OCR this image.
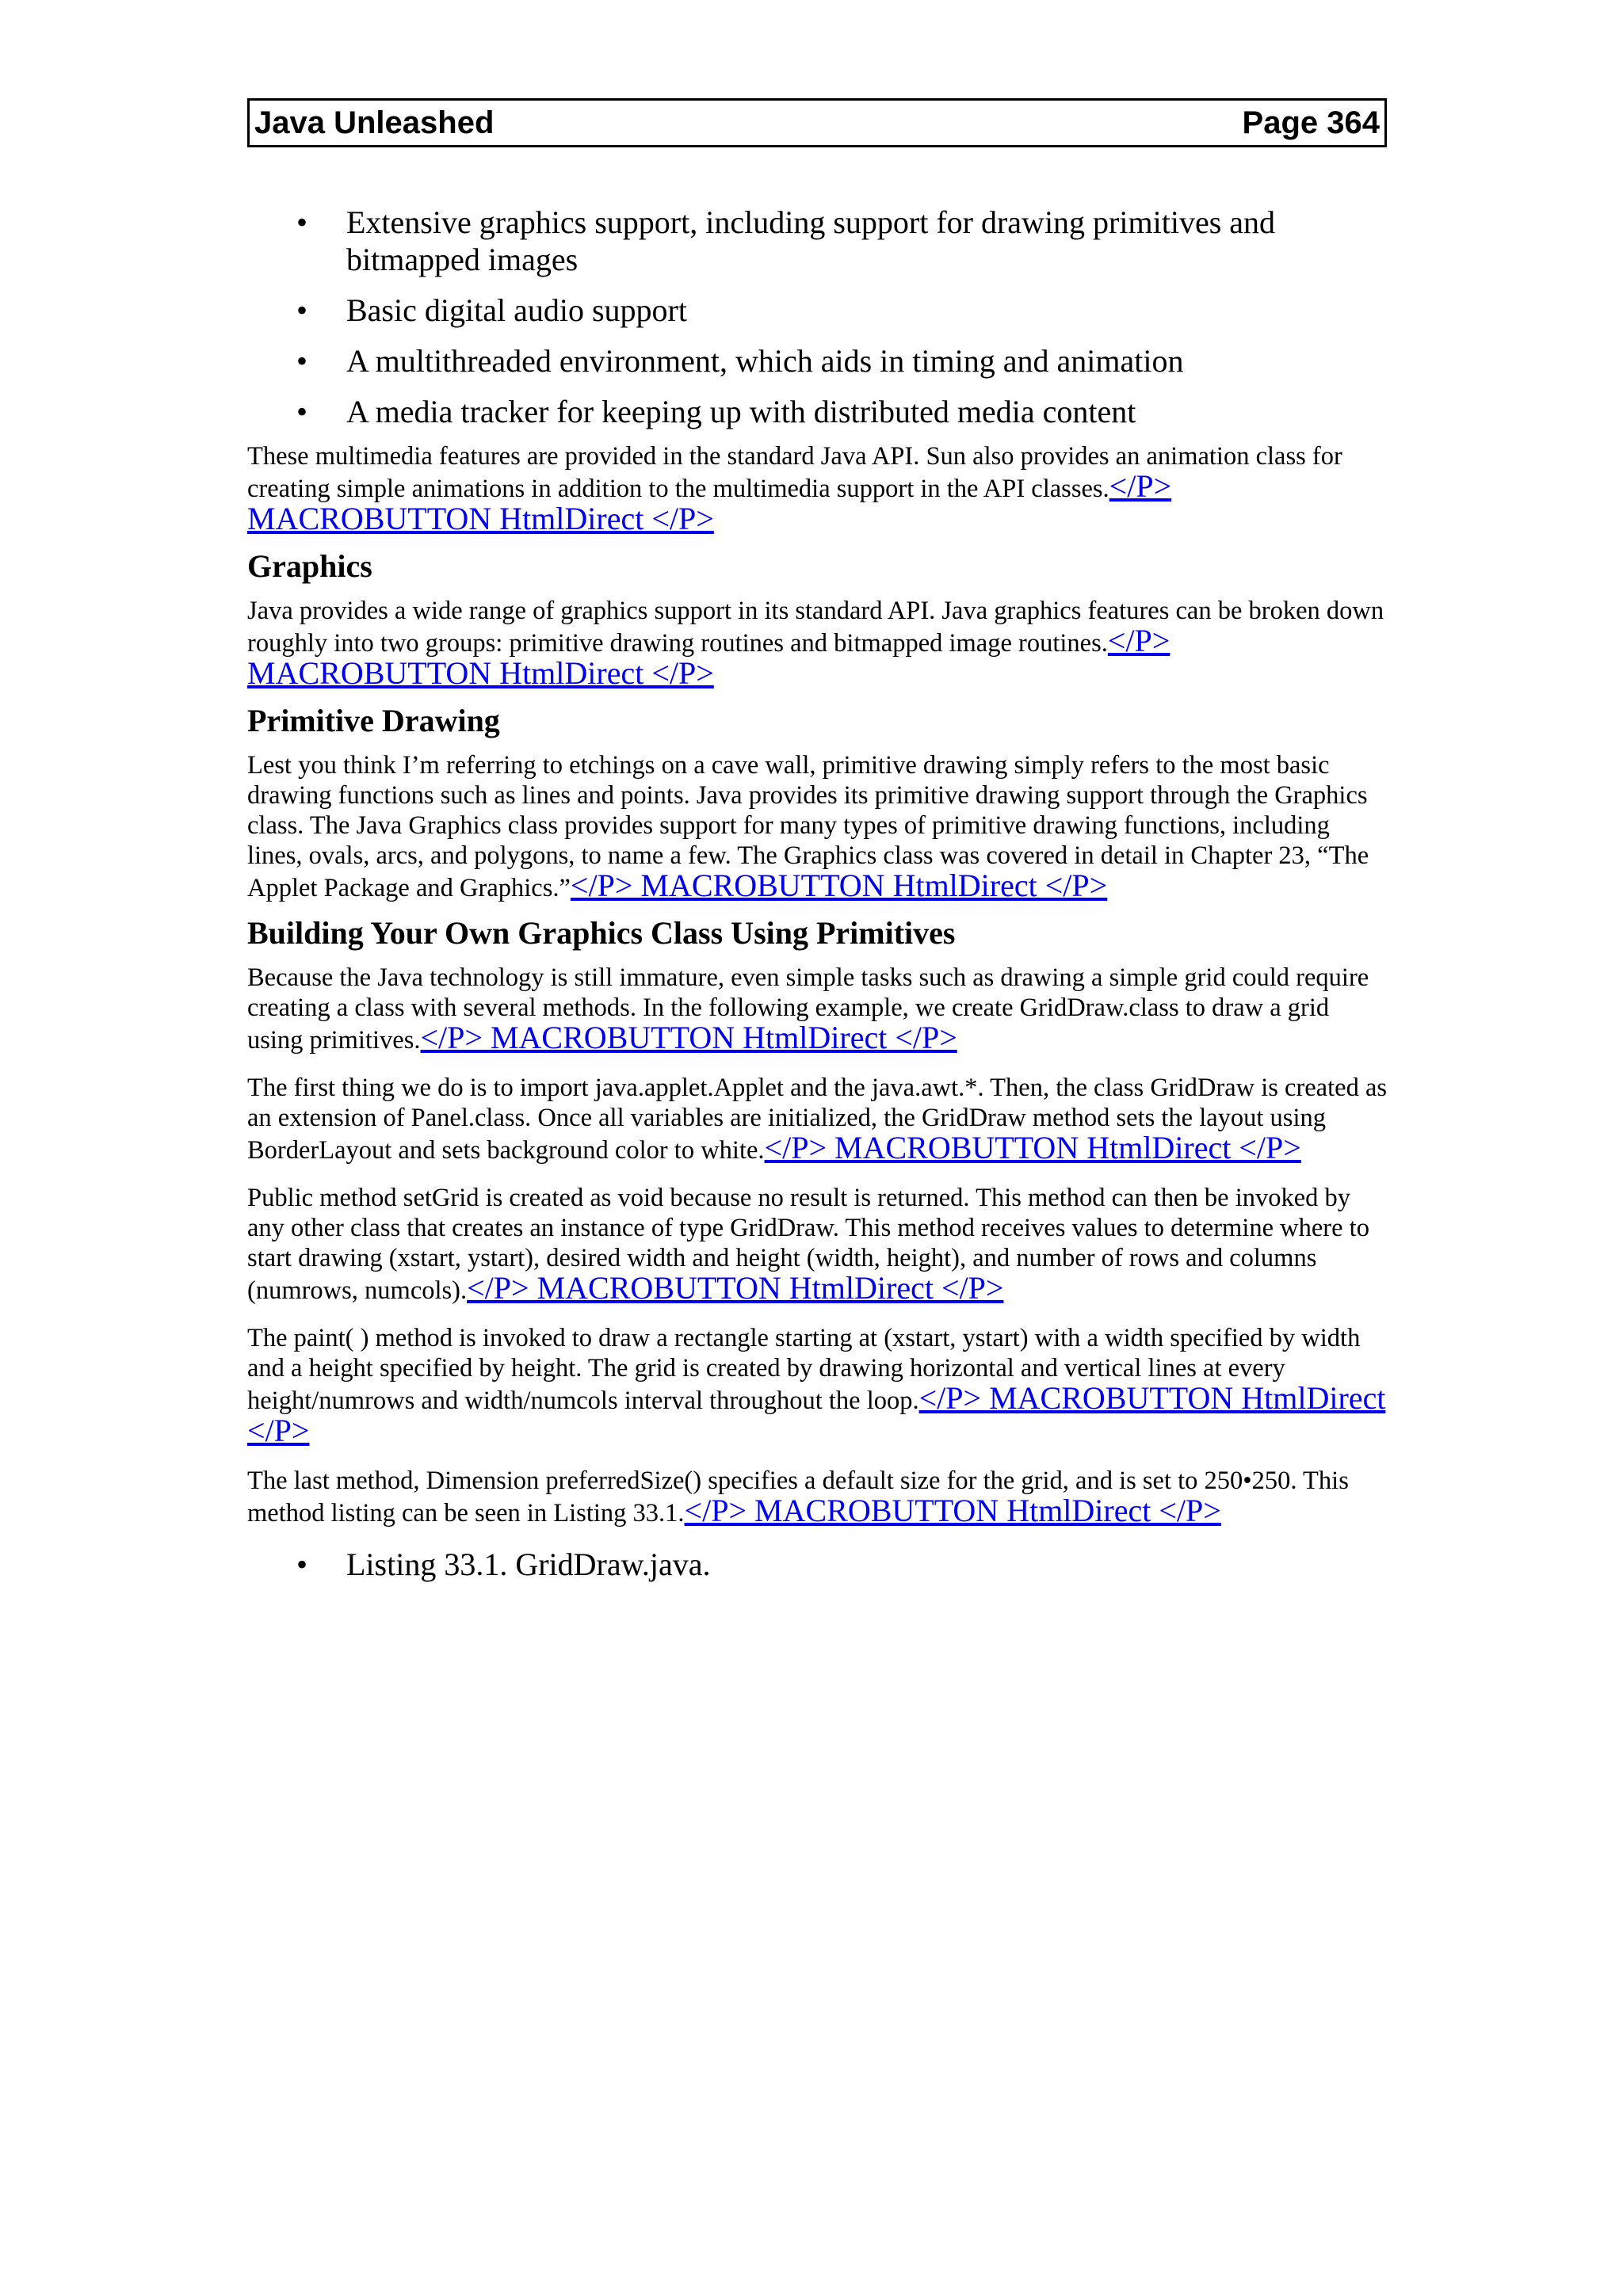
Java Unleashed	Page 364
• Extensive graphics support, including support for drawing primitives and bitmapped images
• Basic digital audio support
• A multithreaded environment, which aids in timing and animation
• A media tracker for keeping up with distributed media content

These multimedia features are provided in the standard Java API. Sun also provides an animation class for creating simple animations in addition to the multimedia support in the API classes.</P> MACROBUTTON HtmlDirect </P>

Graphics

Java provides a wide range of graphics support in its standard API. Java graphics features can be broken down roughly into two groups: primitive drawing routines and bitmapped image routines.</P> MACROBUTTON HtmlDirect </P>

Primitive Drawing

Lest you think I’m referring to etchings on a cave wall, primitive drawing simply refers to the most basic drawing functions such as lines and points. Java provides its primitive drawing support through the Graphics class. The Java Graphics class provides support for many types of primitive drawing functions, including lines, ovals, arcs, and polygons, to name a few. The Graphics class was covered in detail in Chapter 23, “The Applet Package and Graphics.”</P> MACROBUTTON HtmlDirect </P>

Building Your Own Graphics Class Using Primitives

Because the Java technology is still immature, even simple tasks such as drawing a simple grid could require creating a class with several methods. In the following example, we create GridDraw.class to draw a grid using primitives.</P> MACROBUTTON HtmlDirect </P>

The first thing we do is to import java.applet.Applet and the java.awt.*. Then, the class GridDraw is created as an extension of Panel.class. Once all variables are initialized, the GridDraw method sets the layout using BorderLayout and sets background color to white.</P> MACROBUTTON HtmlDirect </P>

Public method setGrid is created as void because no result is returned. This method can then be invoked by any other class that creates an instance of type GridDraw. This method receives values to determine where to start drawing (xstart, ystart), desired width and height (width, height), and number of rows and columns (numrows, numcols).</P> MACROBUTTON HtmlDirect </P>

The paint( ) method is invoked to draw a rectangle starting at (xstart, ystart) with a width specified by width and a height specified by height. The grid is created by drawing horizontal and vertical lines at every height/numrows and width/numcols interval throughout the loop.</P> MACROBUTTON HtmlDirect </P>

The last method, Dimension preferredSize() specifies a default size for the grid, and is set to 250•250. This method listing can be seen in Listing 33.1.</P> MACROBUTTON HtmlDirect </P>

• Listing 33.1. GridDraw.java.
